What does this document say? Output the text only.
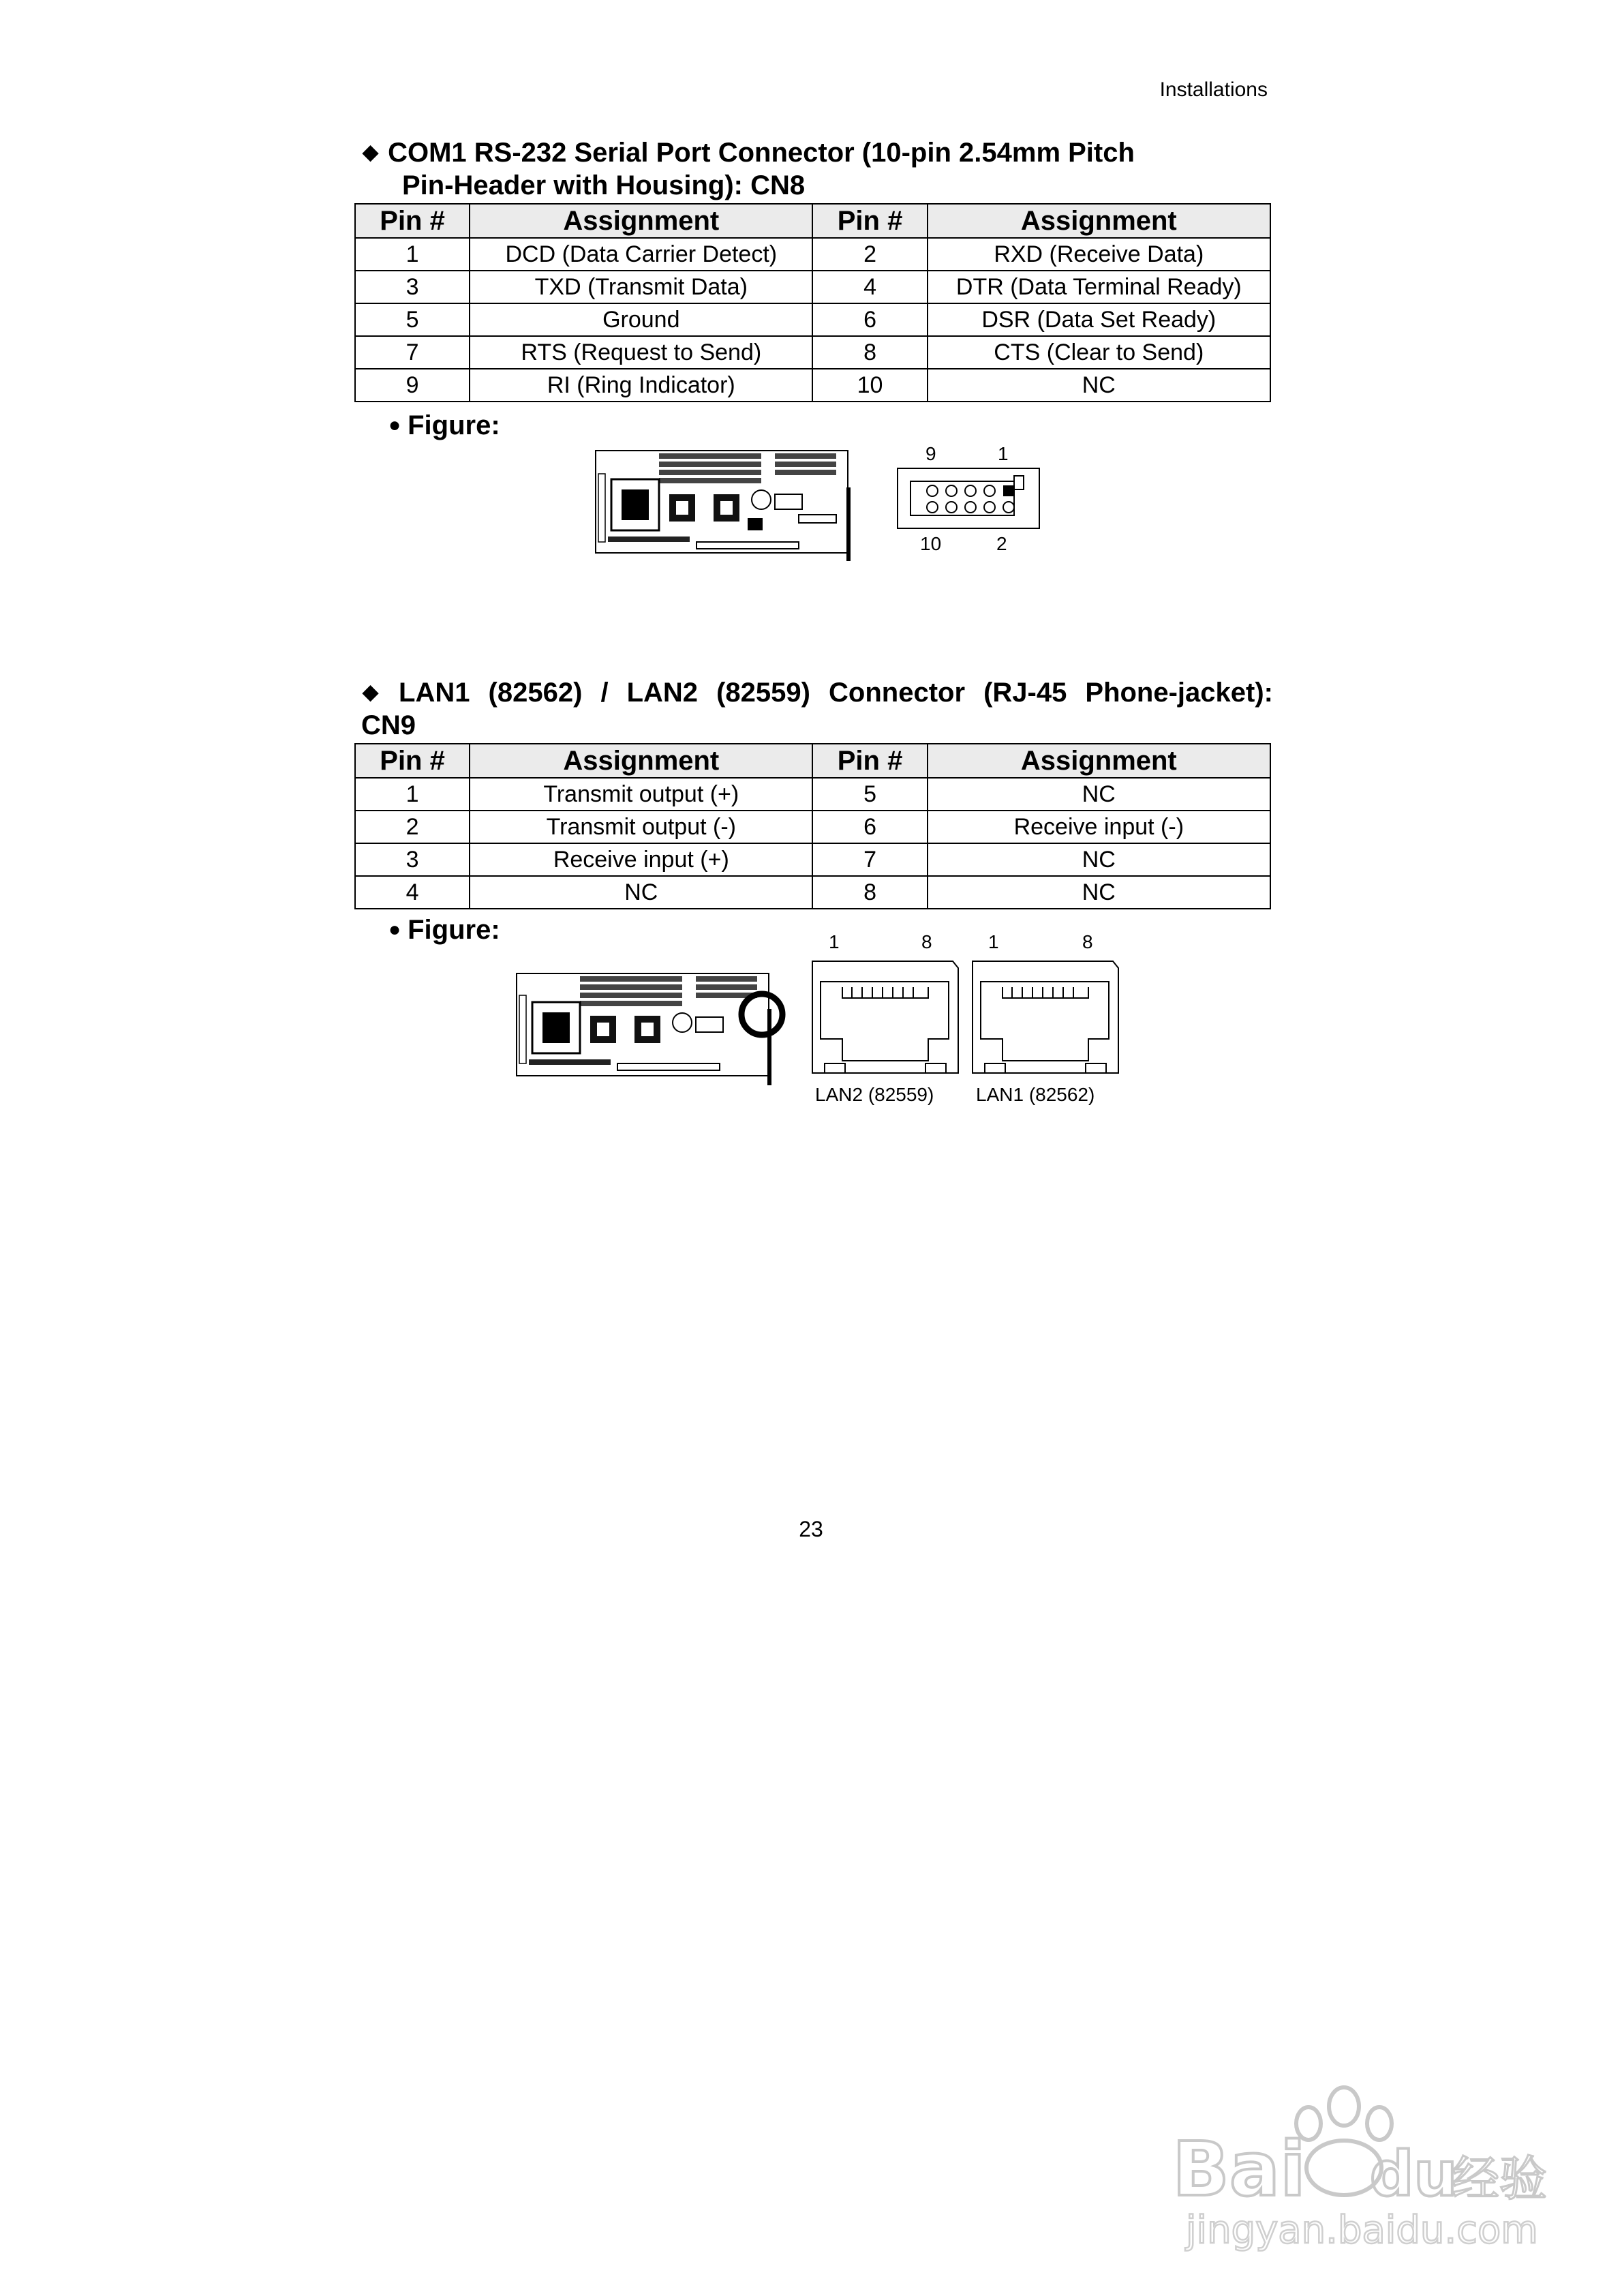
Installations
◆ COM1 RS-232 Serial Port Connector (10-pin 2.54mm Pitch
Pin-Header with Housing): CN8
Pin #	Assignment	Pin #	Assignment
1	DCD (Data Carrier Detect)	2	RXD (Receive Data)
3	TXD (Transmit Data)	4	DTR (Data Terminal Ready)
5	Ground	6	DSR (Data Set Ready)
7	RTS (Request to Send)	8	CTS (Clear to Send)
9	RI (Ring Indicator)	10	NC
● Figure:
9	1
10	2
◆ LAN1 (82562) / LAN2 (82559) Connector (RJ-45 Phone-jacket):
CN9
Pin #	Assignment	Pin #	Assignment
1	Transmit output (+)	5	NC
2	Transmit output (-)	6	Receive input (-)
3	Receive input (+)	7	NC
4	NC	8	NC
● Figure:	1	8
LAN2 (82559)
1	8
LAN1 (82562)
23
Bai du
经验
jingyan.baidu.com
